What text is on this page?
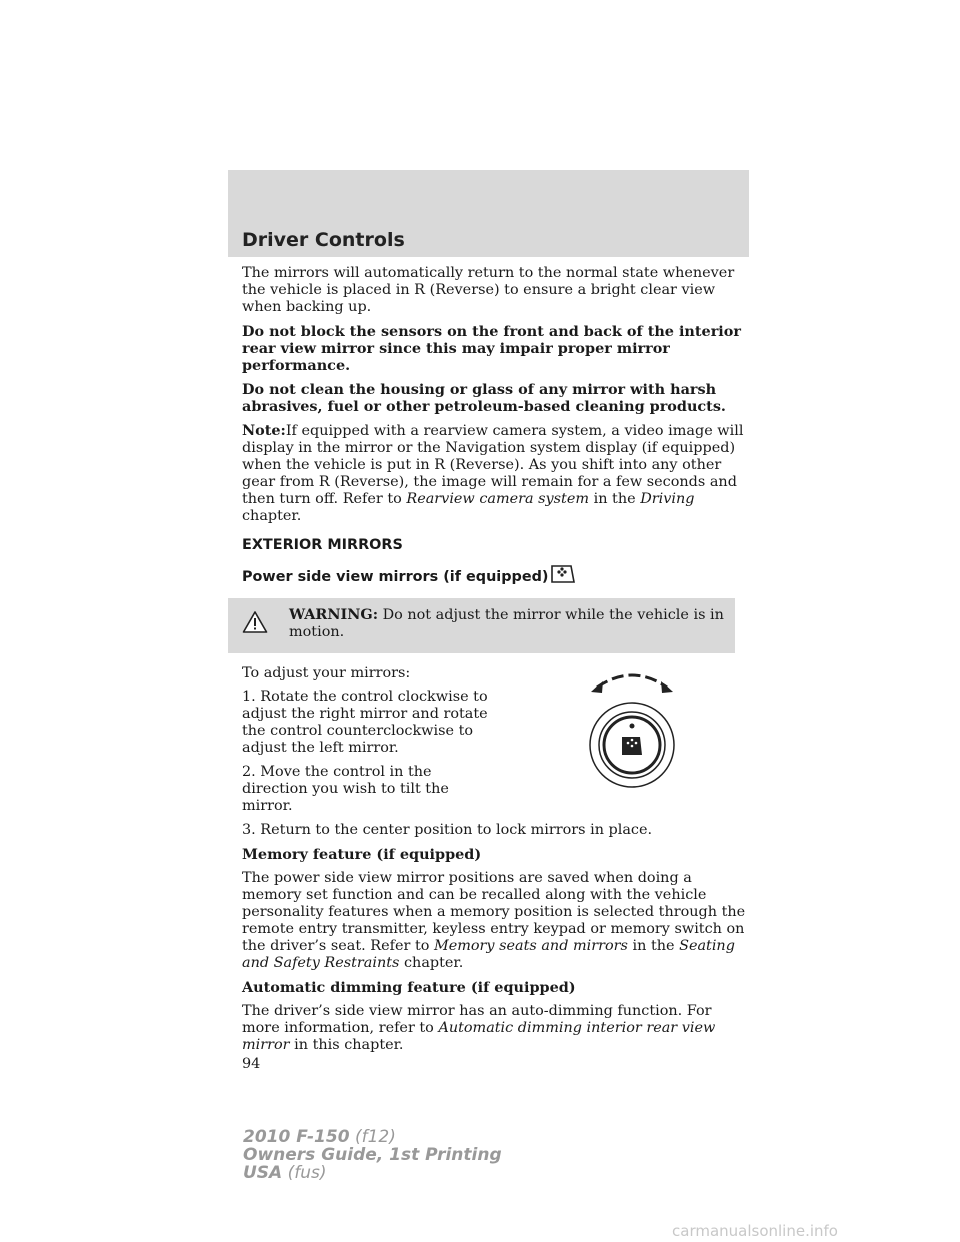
Driver Controls

The mirrors will automatically return to the normal state whenever the vehicle is placed in R (Reverse) to ensure a bright clear view when backing up.

Do not block the sensors on the front and back of the interior rear view mirror since this may impair proper mirror performance.

Do not clean the housing or glass of any mirror with harsh abrasives, fuel or other petroleum-based cleaning products.

Note:If equipped with a rearview camera system, a video image will display in the mirror or the Navigation system display (if equipped) when the vehicle is put in R (Reverse). As you shift into any other gear from R (Reverse), the image will remain for a few seconds and then turn off. Refer to Rearview camera system in the Driving chapter.

EXTERIOR MIRRORS
Power side view mirrors (if equipped)
WARNING: Do not adjust the mirror while the vehicle is in motion.

To adjust your mirrors:

1. Rotate the control clockwise to adjust the right mirror and rotate the control counterclockwise to adjust the left mirror.

2. Move the control in the direction you wish to tilt the mirror.

3. Return to the center position to lock mirrors in place.

Memory feature (if equipped)

The power side view mirror positions are saved when doing a memory set function and can be recalled along with the vehicle personality features when a memory position is selected through the remote entry transmitter, keyless entry keypad or memory switch on the driver’s seat. Refer to Memory seats and mirrors in the Seating and Safety Restraints chapter.

Automatic dimming feature (if equipped)

The driver’s side view mirror has an auto-dimming function. For more information, refer to Automatic dimming interior rear view mirror in this chapter.

94
2010 F-150 (f12)
Owners Guide, 1st Printing
USA (fus)
carmanualsonline.info
